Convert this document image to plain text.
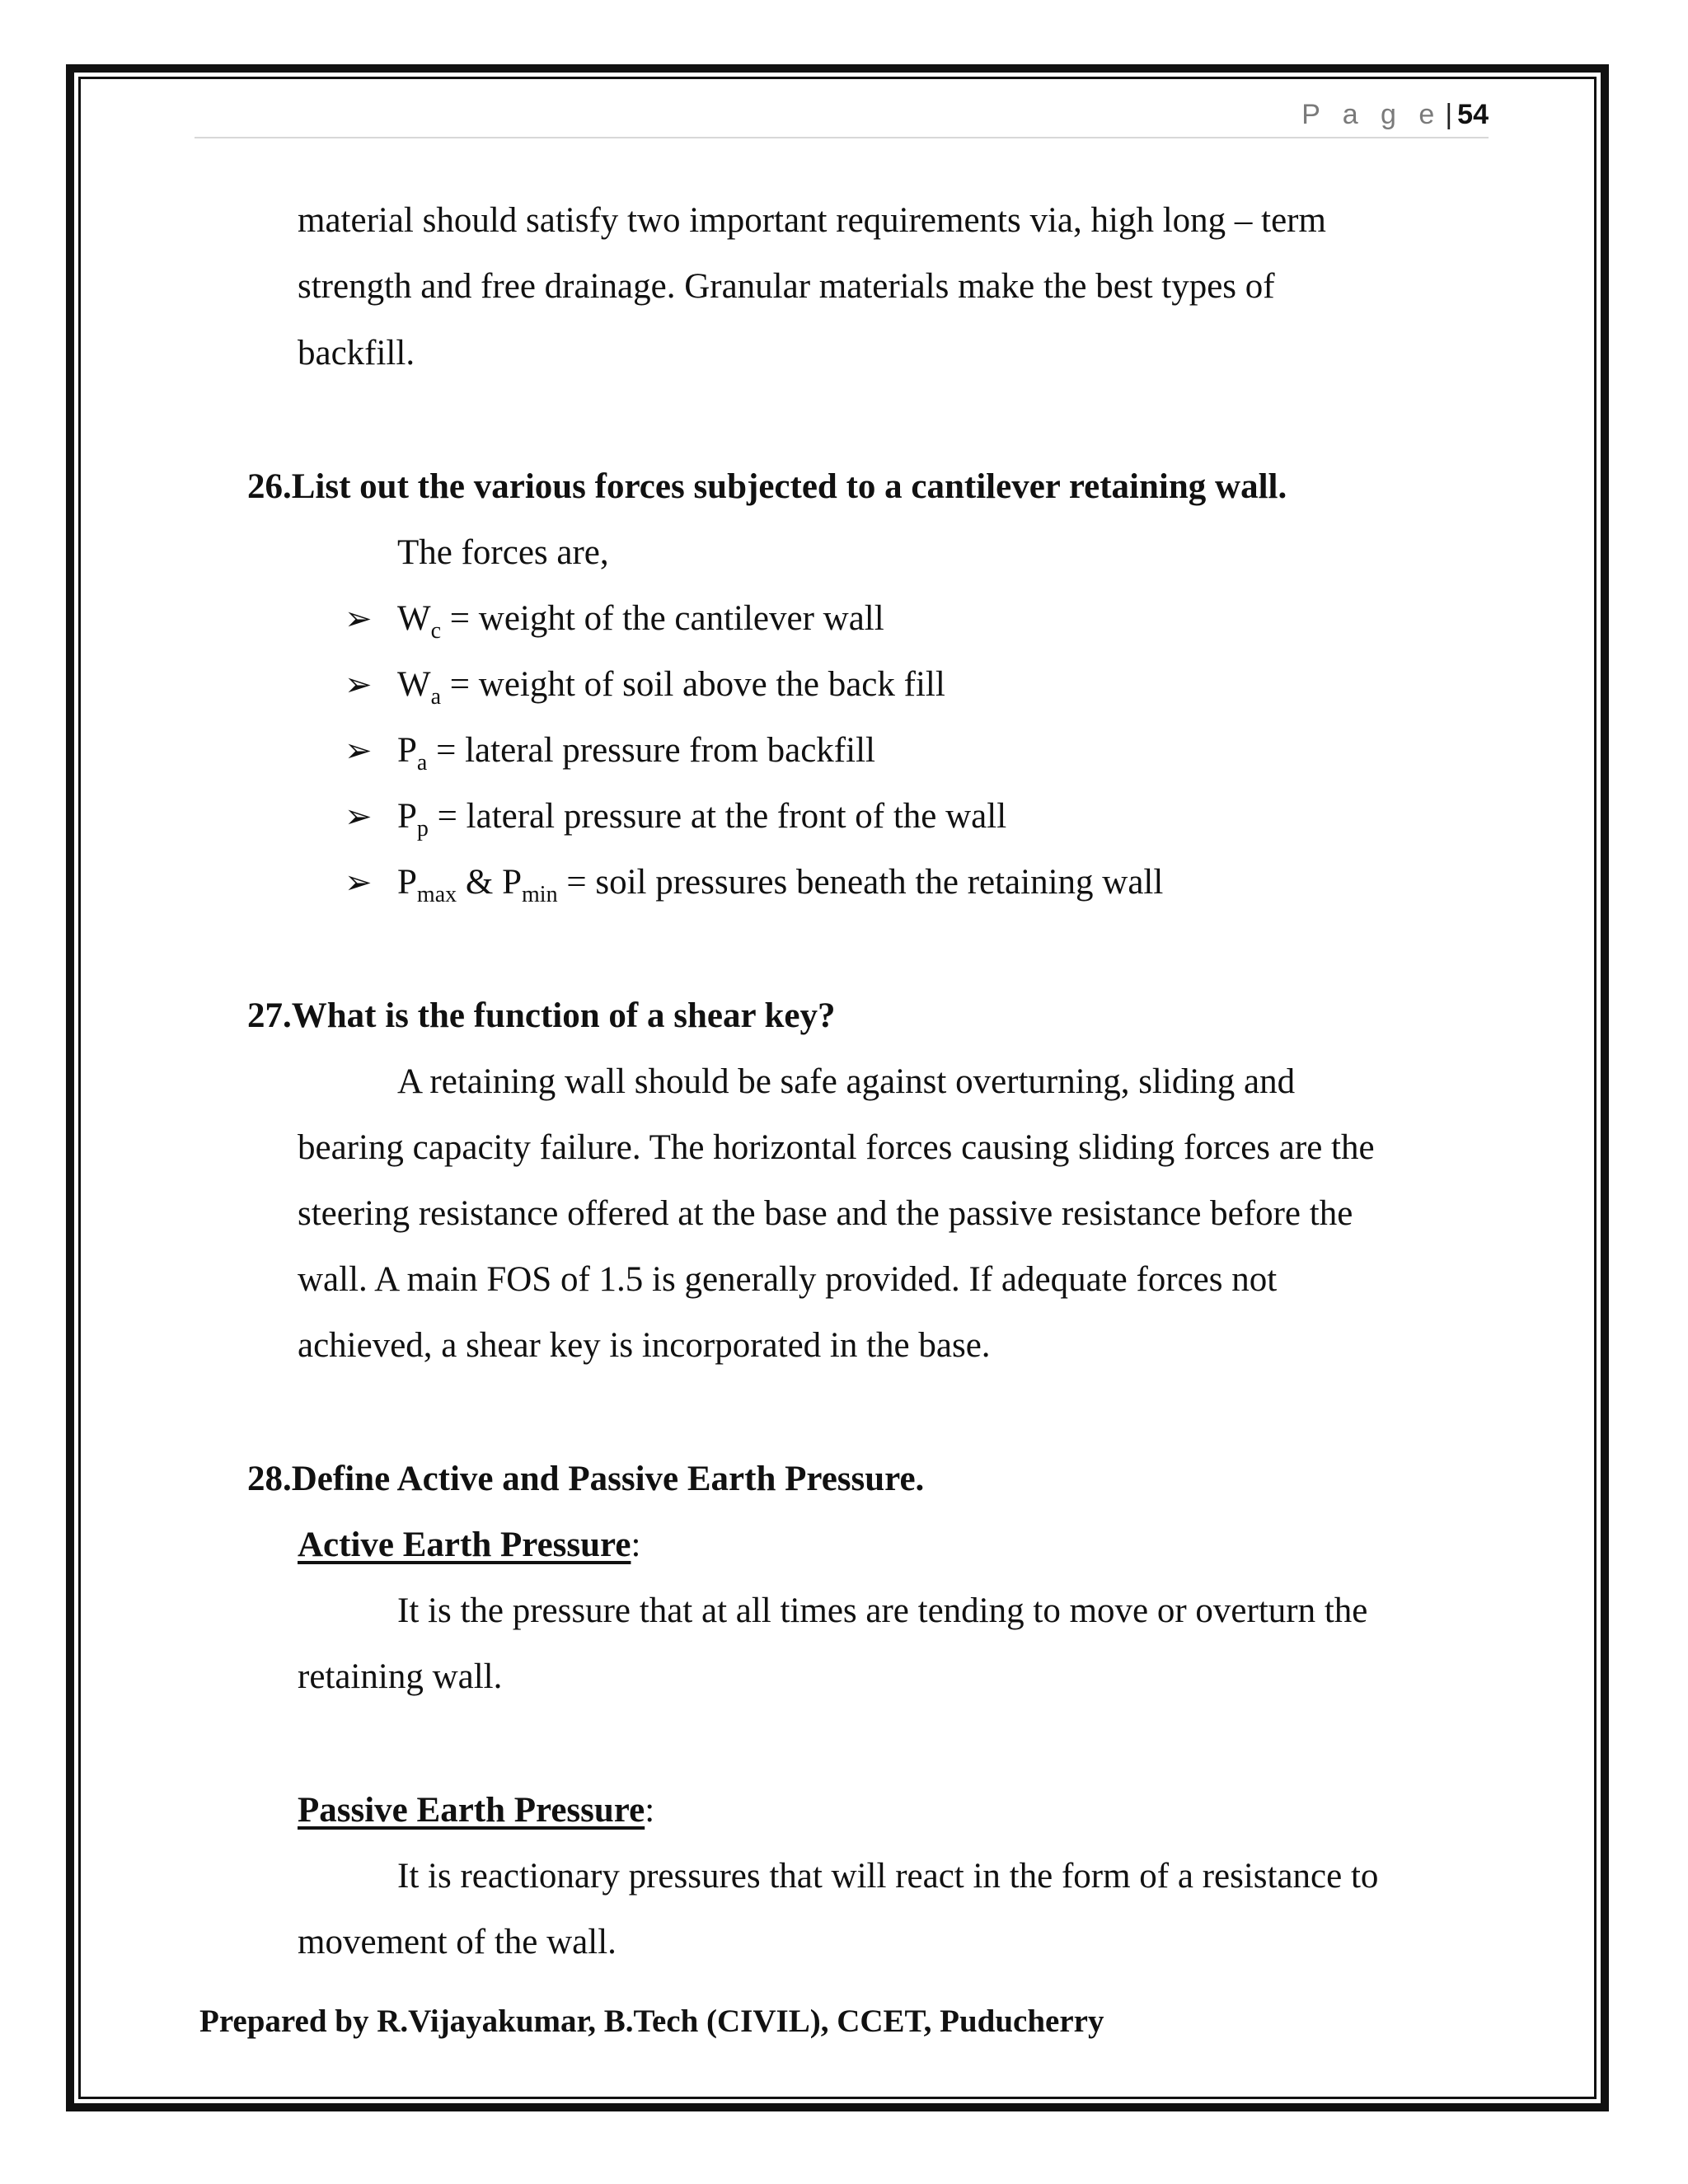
P a g e | 54
material should satisfy two important requirements via, high long – term
strength and free drainage. Granular materials make the best types of
backfill.
26.List out the various forces subjected to a cantilever retaining wall.
The forces are,
➢ $W_c$ = weight of the cantilever wall
➢ $W_a$ = weight of soil above the back fill
➢ $P_a$ = lateral pressure from backfill
➢ $P_p$ = lateral pressure at the front of the wall
➢ $P_{max}$ & $P_{min}$ = soil pressures beneath the retaining wall
27.What is the function of a shear key?
A retaining wall should be safe against overturning, sliding and
bearing capacity failure. The horizontal forces causing sliding forces are the
steering resistance offered at the base and the passive resistance before the
wall. A main FOS of 1.5 is generally provided. If adequate forces not
achieved, a shear key is incorporated in the base.
28.Define Active and Passive Earth Pressure.
Active Earth Pressure:
It is the pressure that at all times are tending to move or overturn the
retaining wall.
Passive Earth Pressure:
It is reactionary pressures that will react in the form of a resistance to
movement of the wall.
Prepared by R.Vijayakumar, B.Tech (CIVIL), CCET, Puducherry
